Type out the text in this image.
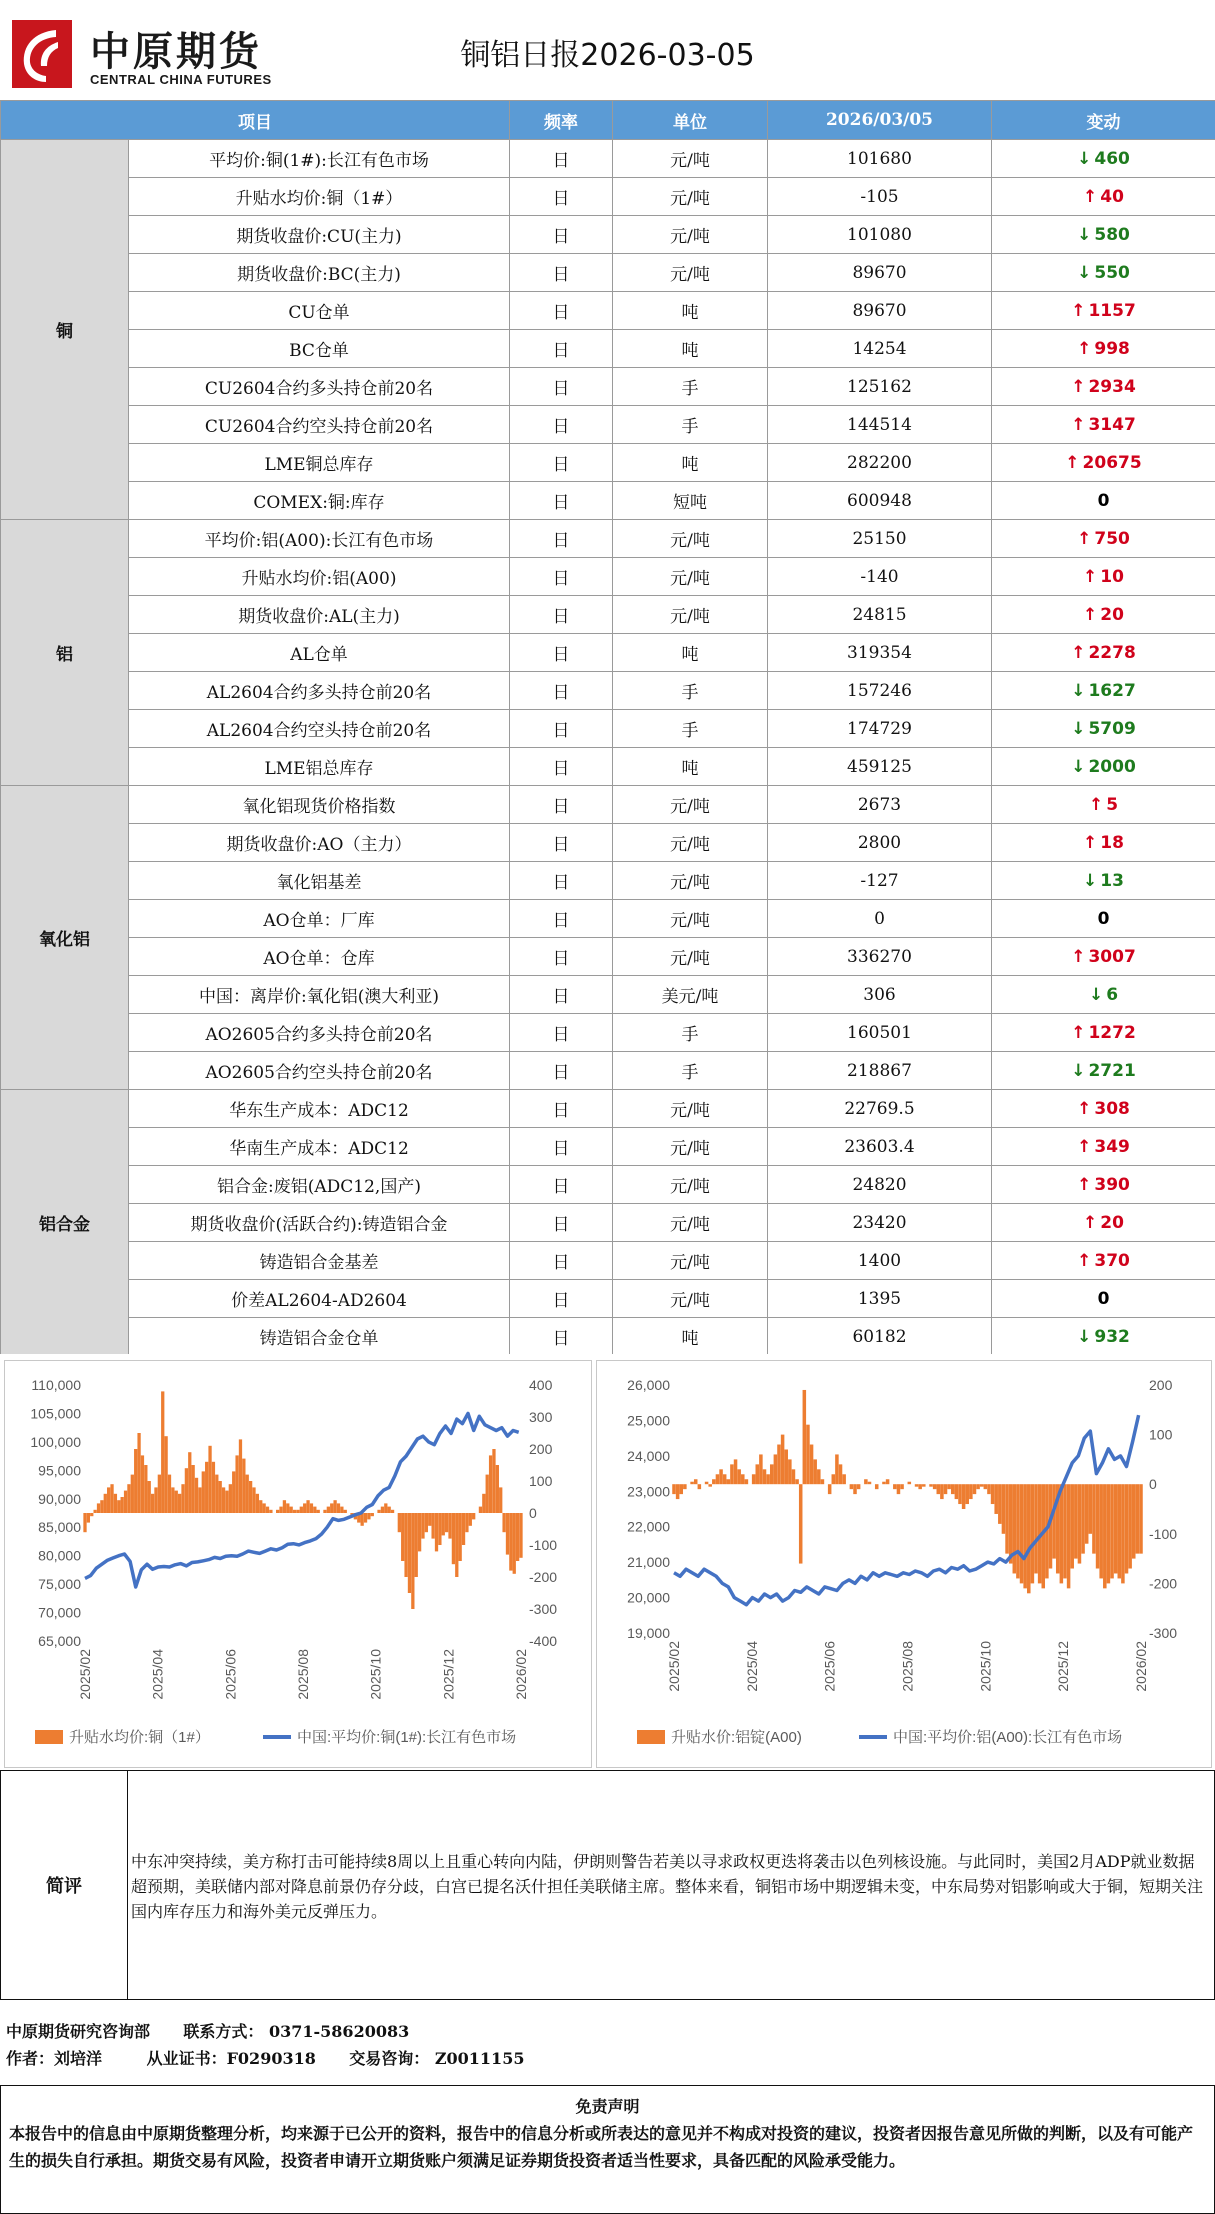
中原期货
CENTRAL CHINA FUTURES
铜铝日报2026-03-05
项目		频率	单位	2026/03/05	变动
铜	平均价:铜(1#):长江有色市场	日	元/吨	101680	↓ 460
	升贴水均价:铜（1#）	日	元/吨	-105	↑ 40
	期货收盘价:CU(主力)	日	元/吨	101080	↓ 580
	期货收盘价:BC(主力)	日	元/吨	89670	↓ 550
	CU仓单	日	吨	89670	↑ 1157
	BC仓单	日	吨	14254	↑ 998
	CU2604合约多头持仓前20名	日	手	125162	↑ 2934
	CU2604合约空头持仓前20名	日	手	144514	↑ 3147
	LME铜总库存	日	吨	282200	↑ 20675
	COMEX:铜:库存	日	短吨	600948	0
铝	平均价:铝(A00):长江有色市场	日	元/吨	25150	↑ 750
	升贴水均价:铝(A00)	日	元/吨	-140	↑ 10
	期货收盘价:AL(主力)	日	元/吨	24815	↑ 20
	AL仓单	日	吨	319354	↑ 2278
	AL2604合约多头持仓前20名	日	手	157246	↓ 1627
	AL2604合约空头持仓前20名	日	手	174729	↓ 5709
	LME铝总库存	日	吨	459125	↓ 2000
氧化铝	氧化铝现货价格指数	日	元/吨	2673	↑ 5
	期货收盘价:AO（主力）	日	元/吨	2800	↑ 18
	氧化铝基差	日	元/吨	-127	↓ 13
	AO仓单：厂库	日	元/吨	0	0
	AO仓单：仓库	日	元/吨	336270	↑ 3007
	中国：离岸价:氧化铝(澳大利亚)	日	美元/吨	306	↓ 6
	AO2605合约多头持仓前20名	日	手	160501	↑ 1272
	AO2605合约空头持仓前20名	日	手	218867	↓ 2721
铝合金	华东生产成本：ADC12	日	元/吨	22769.5	↑ 308
	华南生产成本：ADC12	日	元/吨	23603.4	↑ 349
	铝合金:废铝(ADC12,国产)	日	元/吨	24820	↑ 390
	期货收盘价(活跃合约):铸造铝合金	日	元/吨	23420	↑ 20
	铸造铝合金基差	日	元/吨	1400	↑ 370
	价差AL2604-AD2604	日	元/吨	1395	0
	铸造铝合金仓单	日	吨	60182	↓ 932
110,000
105,000
100,000
95,000
90,000
85,000
80,000
75,000
70,000
65,000
400
300
200
100
0
-100
-200
-300
-400
2025/02	2025/04	2025/06	2025/08	2025/10	2025/12	2026/02
升贴水均价:铜（1#）	中国:平均价:铜(1#):长江有色市场
26,000
25,000
24,000
23,000
22,000
21,000
20,000
19,000
200
100
0
-100
-200
-300
2025/02	2025/04	2025/06	2025/08	2025/10	2025/12	2026/02
升贴水价:铝锭(A00)	中国:平均价:铝(A00):长江有色市场
简评
中东冲突持续，美方称打击可能持续8周以上且重心转向内陆，伊朗则警告若美以寻求政权更迭将袭击以色列核设施。与此同时，美国2月ADP就业数据超预期，美联储内部对降息前景仍存分歧，白宫已提名沃什担任美联储主席。整体来看，铜铝市场中期逻辑未变，中东局势对铝影响或大于铜，短期关注国内库存压力和海外美元反弹压力。
中原期货研究咨询部      联系方式： 0371-58620083
作者：刘培洋        从业证书：F0290318      交易咨询： Z0011155
免责声明
本报告中的信息由中原期货整理分析，均来源于已公开的资料，报告中的信息分析或所表达的意见并不构成对投资的建议，投资者因报告意见所做的判断，以及有可能产生的损失自行承担。期货交易有风险，投资者申请开立期货账户须满足证券期货投资者适当性要求，具备匹配的风险承受能力。
